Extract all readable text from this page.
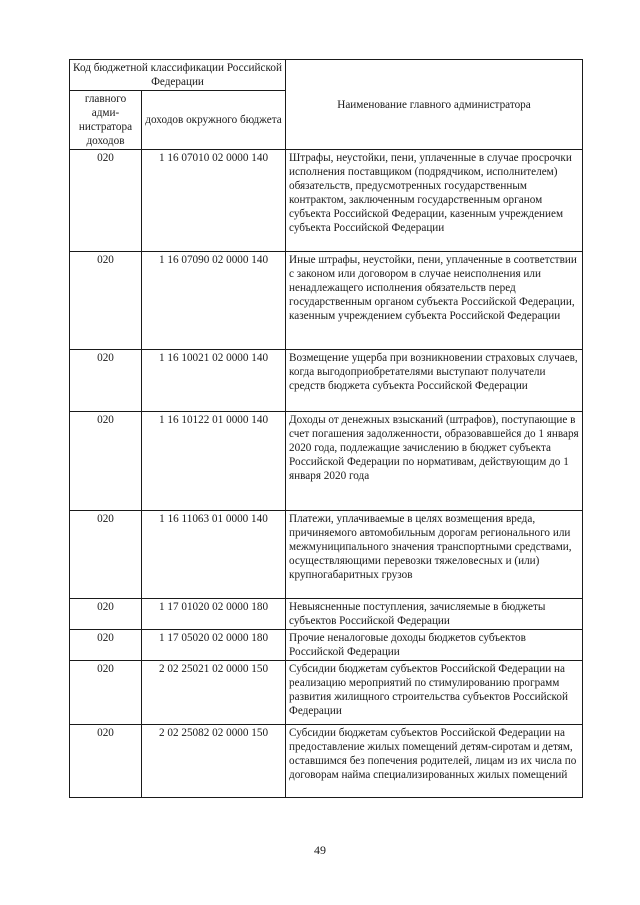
Код бюджетной классификации Российской Федерации		Наименование главного администратора
главного адми-нистратора доходов	доходов окружного бюджета	
020	1 16 07010 02 0000 140	Штрафы, неустойки, пени, уплаченные в случае просрочки исполнения поставщиком (подрядчиком, исполнителем) обязательств, предусмотренных государственным контрактом, заключенным государственным органом субъекта Российской Федерации, казенным учреждением субъекта Российской Федерации
020	1 16 07090 02 0000 140	Иные штрафы, неустойки, пени, уплаченные в соответствии с законом или договором в случае неисполнения или ненадлежащего исполнения обязательств перед государственным органом субъекта Российской Федерации, казенным учреждением субъекта Российской Федерации
020	1 16 10021 02 0000 140	Возмещение ущерба при возникновении страховых случаев, когда выгодоприобретателями выступают получатели средств бюджета субъекта Российской Федерации
020	1 16 10122 01 0000 140	Доходы от денежных взысканий (штрафов), поступающие в счет погашения задолженности, образовавшейся до 1 января 2020 года, подлежащие зачислению в бюджет субъекта Российской Федерации по нормативам, действующим до 1 января 2020 года
020	1 16 11063 01 0000 140	Платежи, уплачиваемые в целях возмещения вреда, причиняемого автомобильным дорогам регионального или межмуниципального значения транспортными средствами, осуществляющими перевозки тяжеловесных и (или) крупногабаритных грузов
020	1 17 01020 02 0000 180	Невыясненные поступления, зачисляемые в бюджеты субъектов Российской Федерации
020	1 17 05020 02 0000 180	Прочие неналоговые доходы бюджетов субъектов Российской Федерации
020	2 02 25021 02 0000 150	Субсидии бюджетам субъектов Российской Федерации на реализацию мероприятий по стимулированию программ развития жилищного строительства субъектов Российской Федерации
020	2 02 25082 02 0000 150	Субсидии бюджетам субъектов Российской Федерации на предоставление жилых помещений детям-сиротам и детям, оставшимся без попечения родителей, лицам из их числа по договорам найма специализированных жилых помещений
49
